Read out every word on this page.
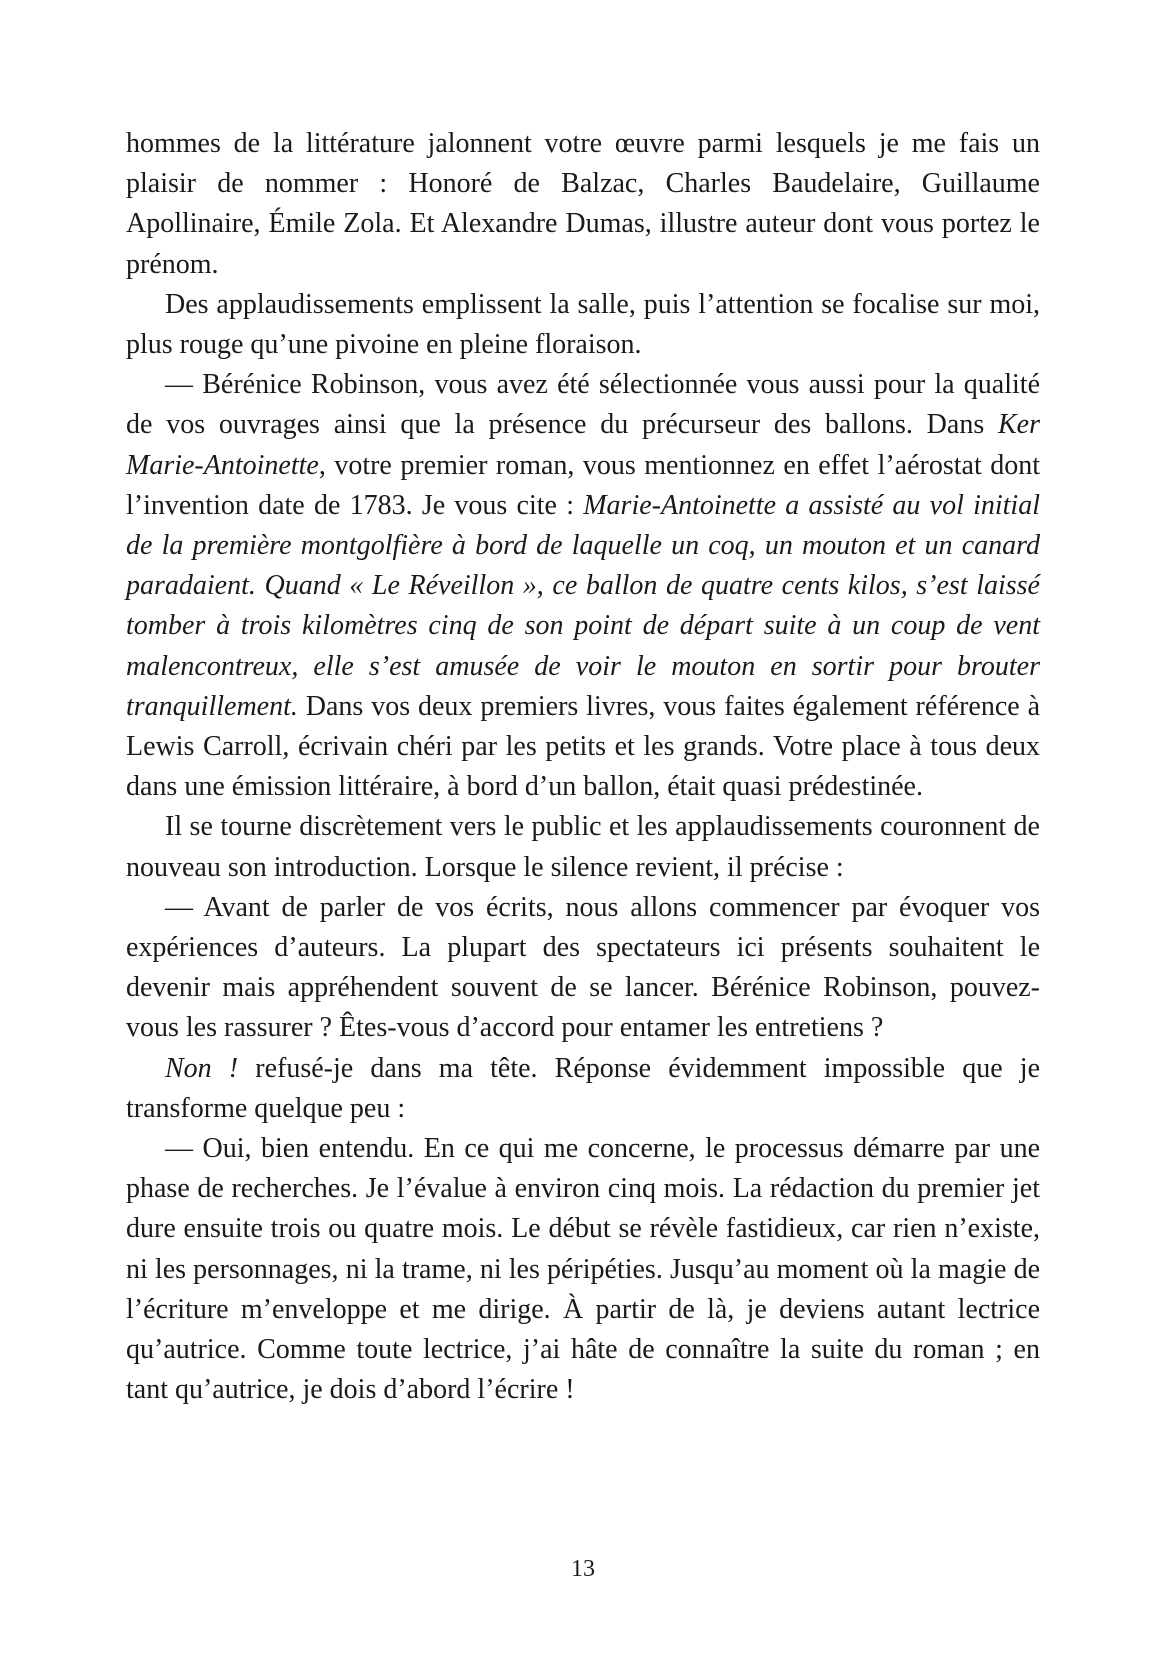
hommes de la littérature jalonnent votre œuvre parmi lesquels je me fais un plaisir de nommer : Honoré de Balzac, Charles Baudelaire, Guillaume Apollinaire, Émile Zola. Et Alexandre Dumas, illustre auteur dont vous portez le prénom.

Des applaudissements emplissent la salle, puis l’attention se focalise sur moi, plus rouge qu’une pivoine en pleine floraison.

— Bérénice Robinson, vous avez été sélectionnée vous aussi pour la qualité de vos ouvrages ainsi que la présence du précurseur des ballons. Dans Ker Marie-Antoinette, votre premier roman, vous mentionnez en effet l’aérostat dont l’invention date de 1783. Je vous cite : Marie-Antoinette a assisté au vol initial de la première montgolfière à bord de laquelle un coq, un mouton et un canard paradaient. Quand « Le Réveillon », ce ballon de quatre cents kilos, s’est laissé tomber à trois kilomètres cinq de son point de départ suite à un coup de vent malencontreux, elle s’est amusée de voir le mouton en sortir pour brouter tranquillement. Dans vos deux premiers livres, vous faites également référence à Lewis Carroll, écrivain chéri par les petits et les grands. Votre place à tous deux dans une émission littéraire, à bord d’un ballon, était quasi prédestinée.

Il se tourne discrètement vers le public et les applaudissements couronnent de nouveau son introduction. Lorsque le silence revient, il précise :

— Avant de parler de vos écrits, nous allons commencer par évoquer vos expériences d’auteurs. La plupart des spectateurs ici présents souhaitent le devenir mais appréhendent souvent de se lancer. Bérénice Robinson, pouvez-vous les rassurer ? Êtes-vous d’accord pour entamer les entretiens ?

Non ! refusé-je dans ma tête. Réponse évidemment impossible que je transforme quelque peu :

— Oui, bien entendu. En ce qui me concerne, le processus démarre par une phase de recherches. Je l’évalue à environ cinq mois. La rédaction du premier jet dure ensuite trois ou quatre mois. Le début se révèle fastidieux, car rien n’existe, ni les personnages, ni la trame, ni les péripéties. Jusqu’au moment où la magie de l’écriture m’enveloppe et me dirige. À partir de là, je deviens autant lectrice qu’autrice. Comme toute lectrice, j’ai hâte de connaître la suite du roman ; en tant qu’autrice, je dois d’abord l’écrire !

13
